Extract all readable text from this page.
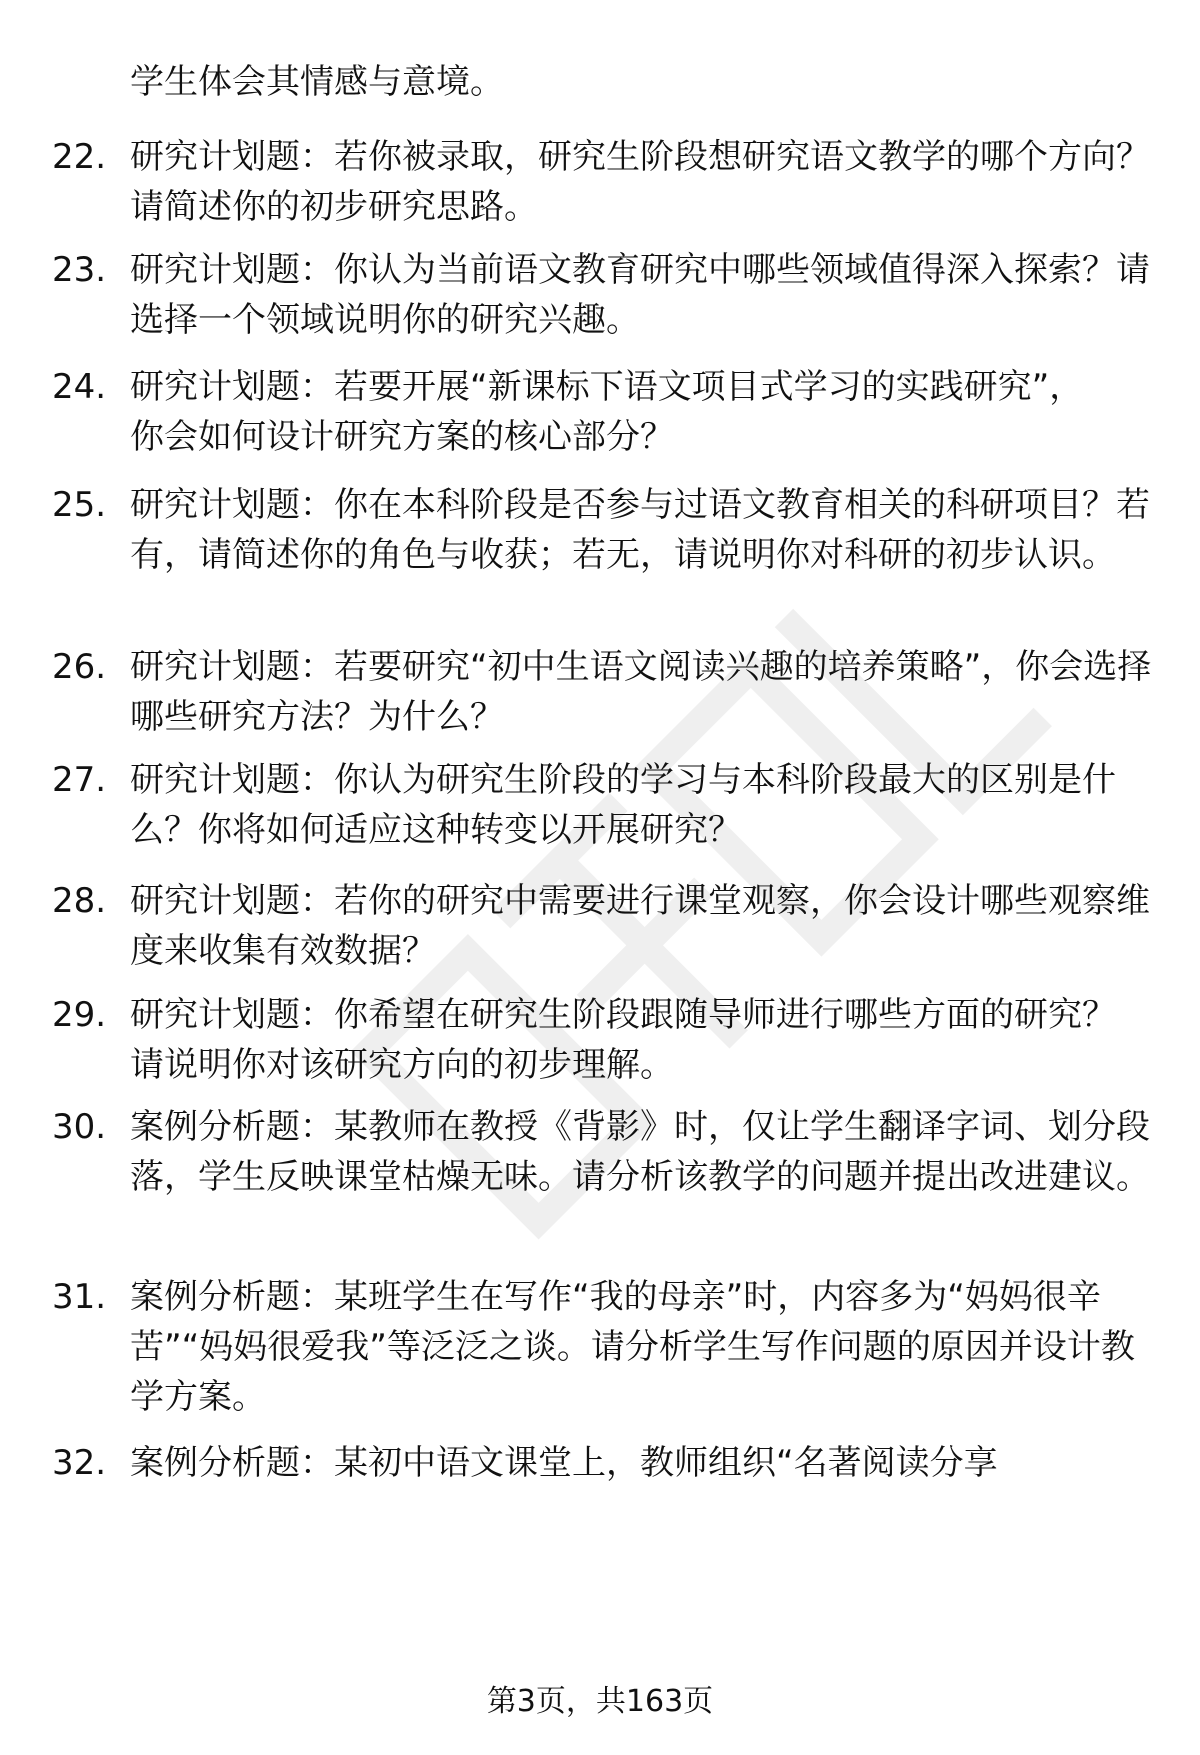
学生体会其情感与意境。
22. 研究计划题：若你被录取，研究生阶段想研究语文教学的哪个方向？请简述你的初步研究思路。
23. 研究计划题：你认为当前语文教育研究中哪些领域值得深入探索？请选择一个领域说明你的研究兴趣。
24. 研究计划题：若要开展“新课标下语文项目式学习的实践研究”，你会如何设计研究方案的核心部分？
25. 研究计划题：你在本科阶段是否参与过语文教育相关的科研项目？若有，请简述你的角色与收获；若无，请说明你对科研的初步认识。
26. 研究计划题：若要研究“初中生语文阅读兴趣的培养策略”，你会选择哪些研究方法？为什么？
27. 研究计划题：你认为研究生阶段的学习与本科阶段最大的区别是什么？你将如何适应这种转变以开展研究？
28. 研究计划题：若你的研究中需要进行课堂观察，你会设计哪些观察维度来收集有效数据？
29. 研究计划题：你希望在研究生阶段跟随导师进行哪些方面的研究？请说明你对该研究方向的初步理解。
30. 案例分析题：某教师在教授《背影》时，仅让学生翻译字词、划分段落，学生反映课堂枯燥无味。请分析该教学的问题并提出改进建议。
31. 案例分析题：某班学生在写作“我的母亲”时，内容多为“妈妈很辛苦”“妈妈很爱我”等泛泛之谈。请分析学生写作问题的原因并设计教学方案。
32. 案例分析题：某初中语文课堂上，教师组织“名著阅读分享
第3页，共163页
